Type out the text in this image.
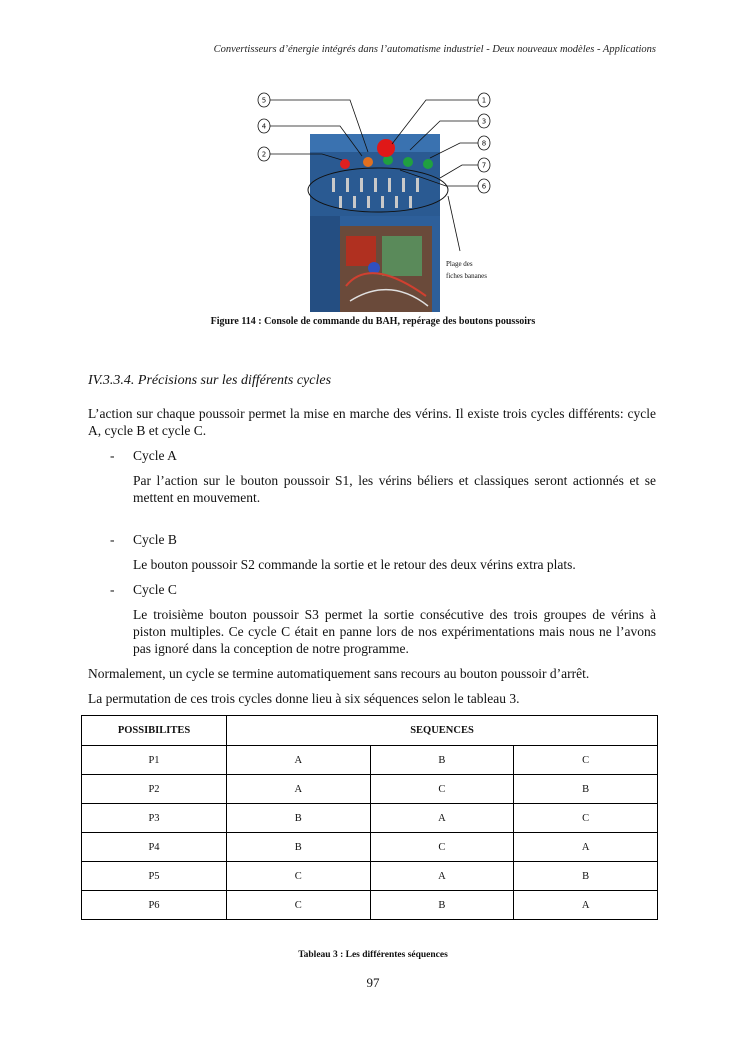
Convertisseurs d’énergie intégrés dans l’automatisme industriel - Deux nouveaux modèles - Applications
5
4
2
1
3
8
7
6
Plage des
fiches bananes
Figure 114 : Console de commande du BAH, repérage des boutons poussoirs
IV.3.3.4. Précisions sur les différents cycles
L’action sur chaque poussoir permet la mise en marche des vérins. Il existe trois cycles différents: cycle A, cycle B et cycle C.
- Cycle A
Par l’action sur le bouton poussoir S1, les vérins béliers et classiques seront actionnés et se mettent en mouvement.
- Cycle B
Le bouton poussoir S2 commande la sortie et le retour des deux vérins extra plats.
- Cycle C
Le troisième bouton poussoir S3 permet la sortie consécutive des trois groupes de vérins à piston multiples. Ce cycle C était en panne lors de nos expérimentations mais nous ne l’avons pas ignoré dans la conception de notre programme.
Normalement, un cycle se termine automatiquement sans recours au bouton poussoir d’arrêt.
La permutation de ces trois cycles donne lieu à six séquences selon le tableau 3.
POSSIBILITES	SEQUENCES		
P1	A	B	C
P2	A	C	B
P3	B	A	C
P4	B	C	A
P5	C	A	B
P6	C	B	A
Tableau 3 : Les différentes séquences
97
